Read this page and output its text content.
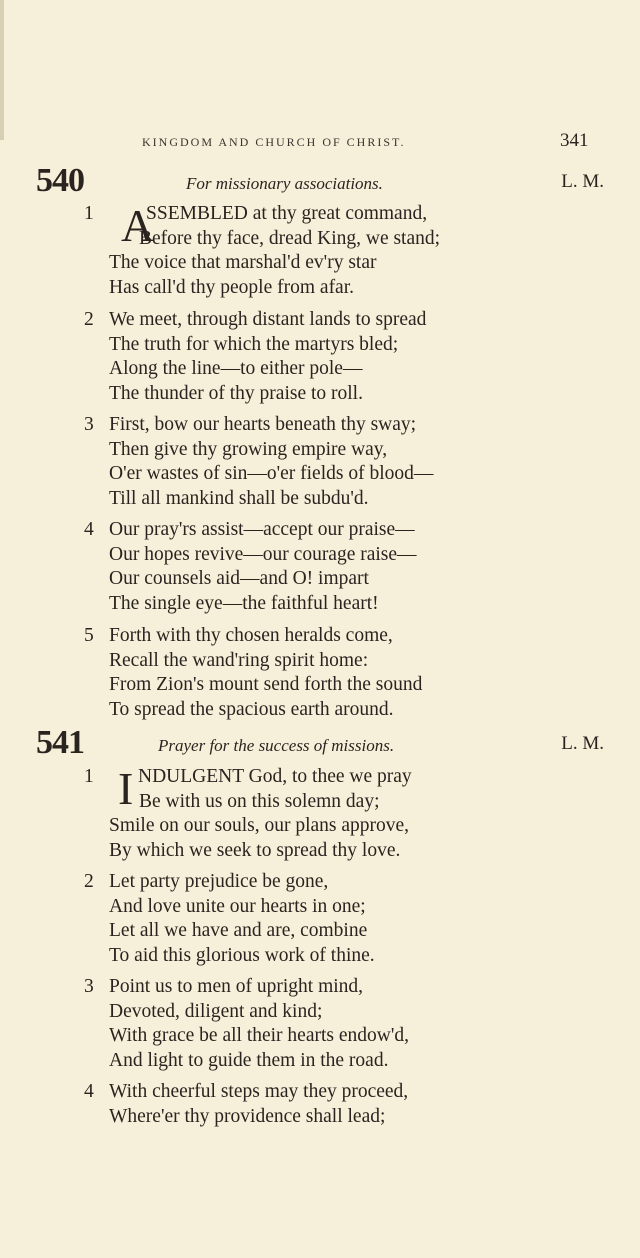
KINGDOM AND CHURCH OF CHRIST.	341
540	For missionary associations.	L. M.
1 A
SSEMBLED at thy great command,
Before thy face, dread King, we stand;
The voice that marshal'd ev'ry star
Has call'd thy people from afar.
2 We meet, through distant lands to spread
The truth for which the martyrs bled;
Along the line—to either pole—
The thunder of thy praise to roll.
3 First, bow our hearts beneath thy sway;
Then give thy growing empire way,
O'er wastes of sin—o'er fields of blood—
Till all mankind shall be subdu'd.
4 Our pray'rs assist—accept our praise—
Our hopes revive—our courage raise—
Our counsels aid—and O! impart
The single eye—the faithful heart!
5 Forth with thy chosen heralds come,
Recall the wand'ring spirit home:
From Zion's mount send forth the sound
To spread the spacious earth around.
541	Prayer for the success of missions.	L. M.
1 I NDULGENT God, to thee we pray
Be with us on this solemn day;
Smile on our souls, our plans approve,
By which we seek to spread thy love.
2 Let party prejudice be gone,
And love unite our hearts in one;
Let all we have and are, combine
To aid this glorious work of thine.
3 Point us to men of upright mind,
Devoted, diligent and kind;
With grace be all their hearts endow'd,
And light to guide them in the road.
4 With cheerful steps may they proceed,
Where'er thy providence shall lead;
